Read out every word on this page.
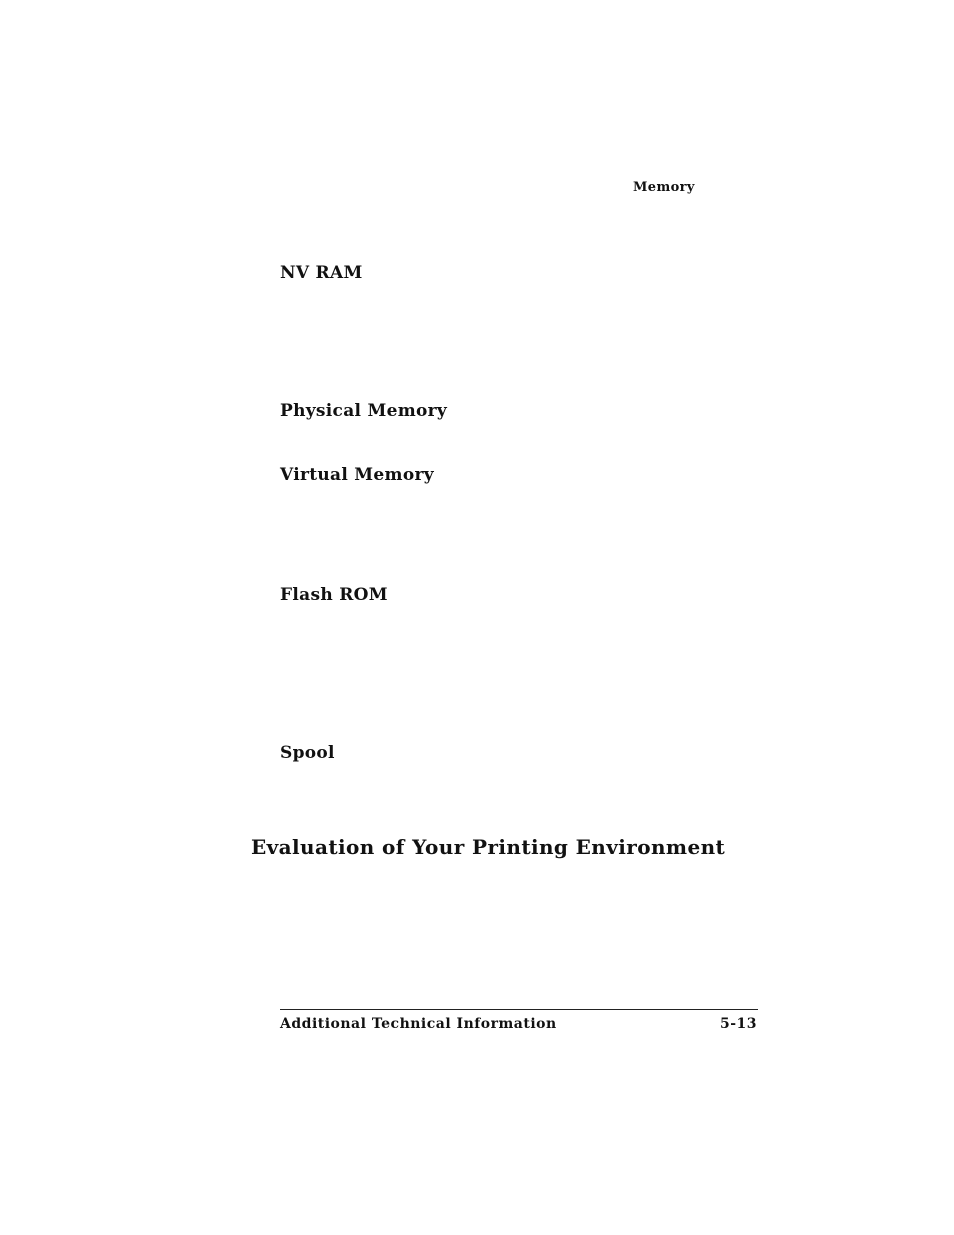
Memory
NV RAM
Physical Memory
Virtual Memory
Flash ROM
Spool
Evaluation of Your Printing Environment
Additional Technical Information	5-13
